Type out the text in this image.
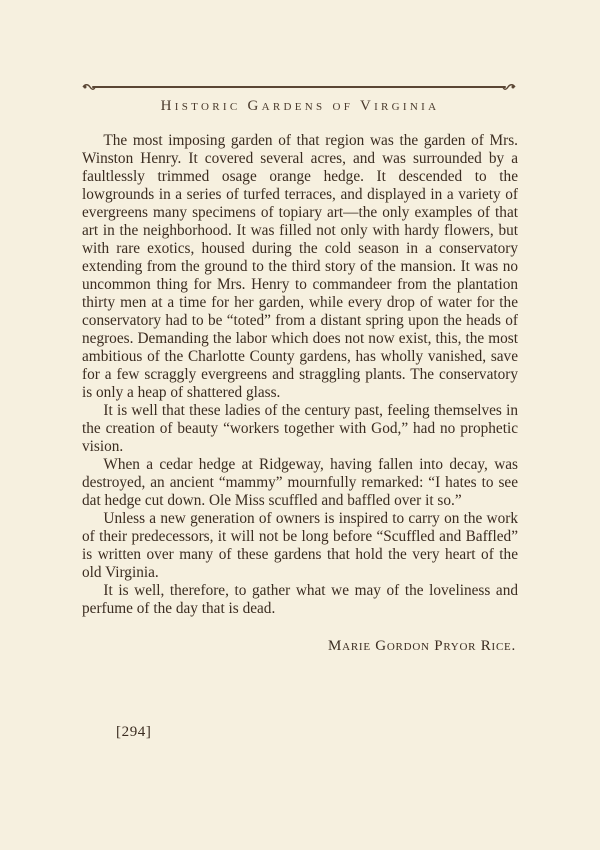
Historic Gardens of Virginia

The most imposing garden of that region was the garden of Mrs. Winston Henry. It covered several acres, and was surrounded by a faultlessly trimmed osage orange hedge. It descended to the lowgrounds in a series of turfed terraces, and displayed in a variety of evergreens many specimens of topiary art—the only examples of that art in the neighborhood. It was filled not only with hardy flowers, but with rare exotics, housed during the cold season in a conservatory extending from the ground to the third story of the mansion. It was no uncommon thing for Mrs. Henry to commandeer from the plantation thirty men at a time for her garden, while every drop of water for the conservatory had to be “toted” from a distant spring upon the heads of negroes. Demanding the labor which does not now exist, this, the most ambitious of the Charlotte County gardens, has wholly vanished, save for a few scraggly evergreens and straggling plants. The conservatory is only a heap of shattered glass.

It is well that these ladies of the century past, feeling themselves in the creation of beauty “workers together with God,” had no prophetic vision.

When a cedar hedge at Ridgeway, having fallen into decay, was destroyed, an ancient “mammy” mournfully remarked: “I hates to see dat hedge cut down. Ole Miss scuffled and baffled over it so.”

Unless a new generation of owners is inspired to carry on the work of their predecessors, it will not be long before “Scuffled and Baffled” is written over many of these gardens that hold the very heart of the old Virginia.

It is well, therefore, to gather what we may of the loveliness and perfume of the day that is dead.

Marie Gordon Pryor Rice.
[294]
